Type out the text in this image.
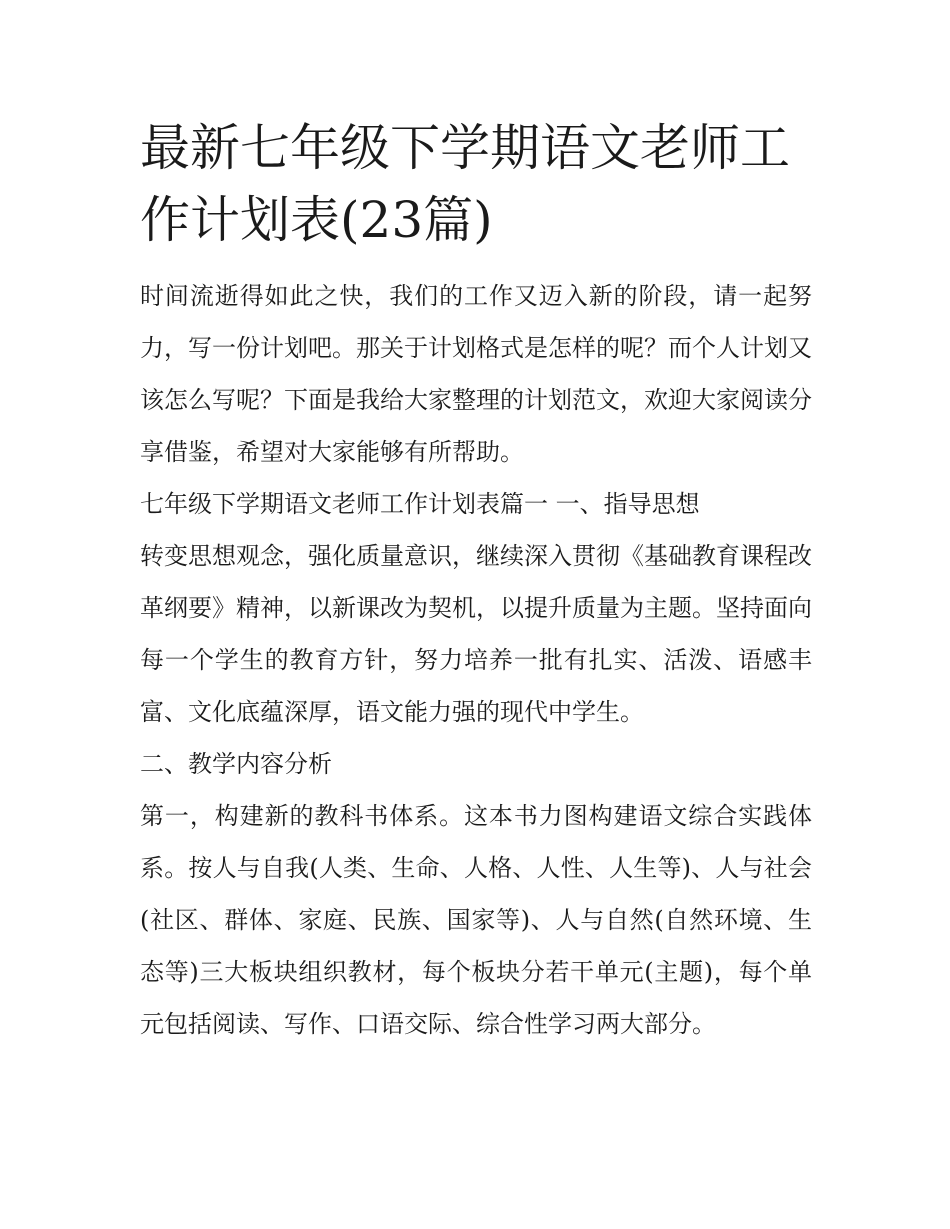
最新七年级下学期语文老师工作计划表(23篇)

时间流逝得如此之快，我们的工作又迈入新的阶段，请一起努力，写一份计划吧。那关于计划格式是怎样的呢？而个人计划又该怎么写呢？下面是我给大家整理的计划范文，欢迎大家阅读分享借鉴，希望对大家能够有所帮助。

七年级下学期语文老师工作计划表篇一 一、指导思想

转变思想观念，强化质量意识，继续深入贯彻《基础教育课程改革纲要》精神，以新课改为契机，以提升质量为主题。坚持面向每一个学生的教育方针，努力培养一批有扎实、活泼、语感丰富、文化底蕴深厚，语文能力强的现代中学生。

二、教学内容分析

第一，构建新的教科书体系。这本书力图构建语文综合实践体系。按人与自我(人类、生命、人格、人性、人生等)、人与社会(社区、群体、家庭、民族、国家等)、人与自然(自然环境、生态等)三大板块组织教材，每个板块分若干单元(主题)，每个单元包括阅读、写作、口语交际、综合性学习两大部分。
